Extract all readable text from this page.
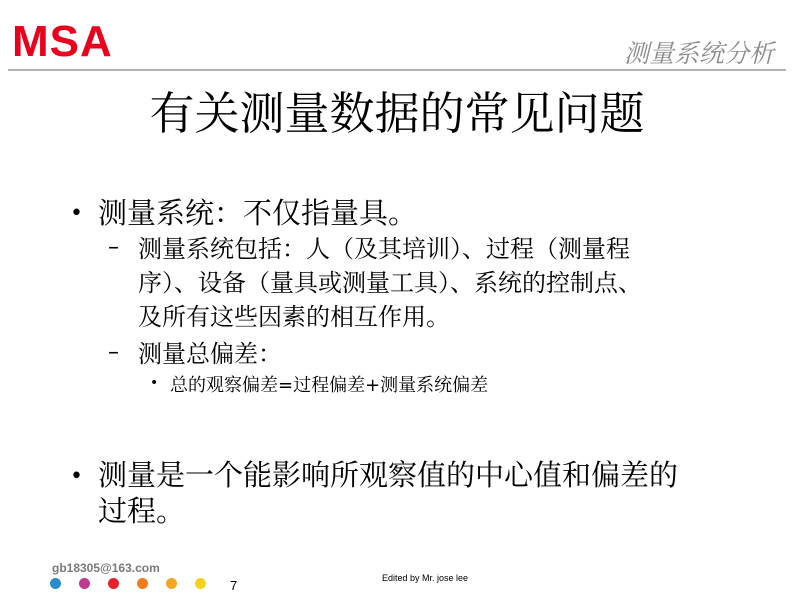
MSA	测量系统分析
有关测量数据的常见问题
• 测量系统：不仅指量具。
– 测量系统包括：人（及其培训）、过程（测量程
序）、设备（量具或测量工具）、系统的控制点、
及所有这些因素的相互作用。
– 测量总偏差：
• 总的观察偏差=过程偏差+测量系统偏差
• 测量是一个能影响所观察值的中心值和偏差的
过程。
gb18305@163.com
7	Edited by Mr. jose lee
